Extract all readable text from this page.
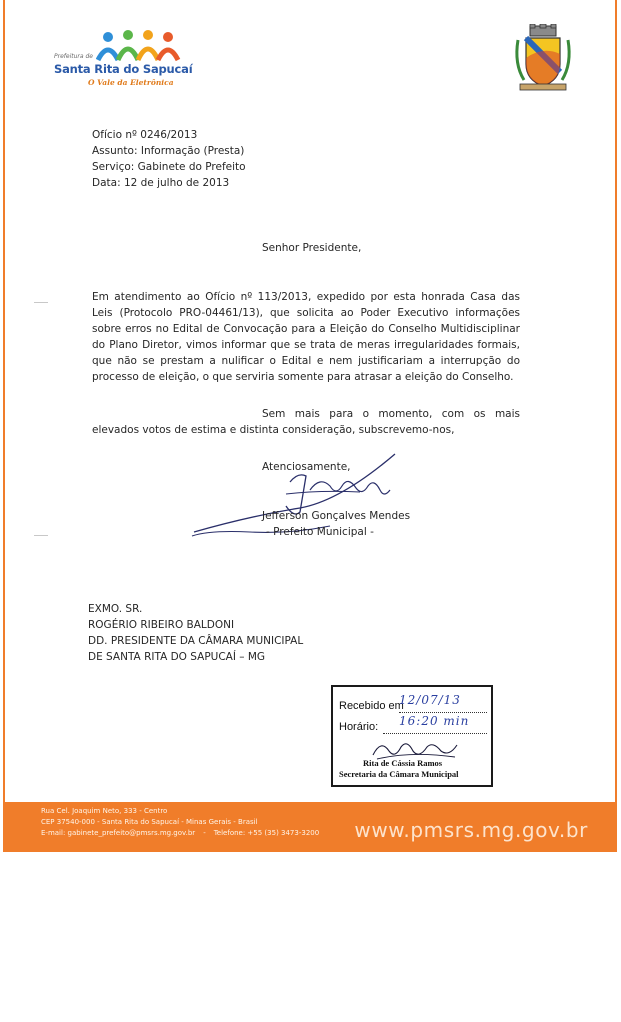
Prefeitura de
Santa Rita do Sapucaí
O Vale da Eletrônica
Ofício nº 0246/2013
Assunto: Informação (Presta)
Serviço: Gabinete do Prefeito
Data: 12 de julho de 2013
Senhor Presidente,

Em atendimento ao Ofício nº 113/2013, expedido por esta honrada Casa das Leis (Protocolo PRO-04461/13), que solicita ao Poder Executivo informações sobre erros no Edital de Convocação para a Eleição do Conselho Multidisciplinar do Plano Diretor, vimos informar que se trata de meras irregularidades formais, que não se prestam a nulificar o Edital e nem justificariam a interrupção do processo de eleição, o que serviria somente para atrasar a eleição do Conselho.

Sem mais para o momento, com os mais elevados votos de estima e distinta consideração, subscrevemo-nos,
Atenciosamente,
Jefferson Gonçalves Mendes
- Prefeito Municipal -
EXMO. SR.
ROGÉRIO RIBEIRO BALDONI
DD. PRESIDENTE DA CÂMARA MUNICIPAL
DE SANTA RITA DO SAPUCAÍ – MG
Recebido em
12/07/13
Horário: 16:20 min
Rita de Cássia Ramos
Secretaria da Câmara Municipal
Rua Cel. Joaquim Neto, 333 - Centro
CEP 37540-000 - Santa Rita do Sapucaí - Minas Gerais - Brasil
E-mail: gabinete_prefeito@pmsrs.mg.gov.br - Telefone: +55 (35) 3473-3200 www.pmsrs.mg.gov.br
